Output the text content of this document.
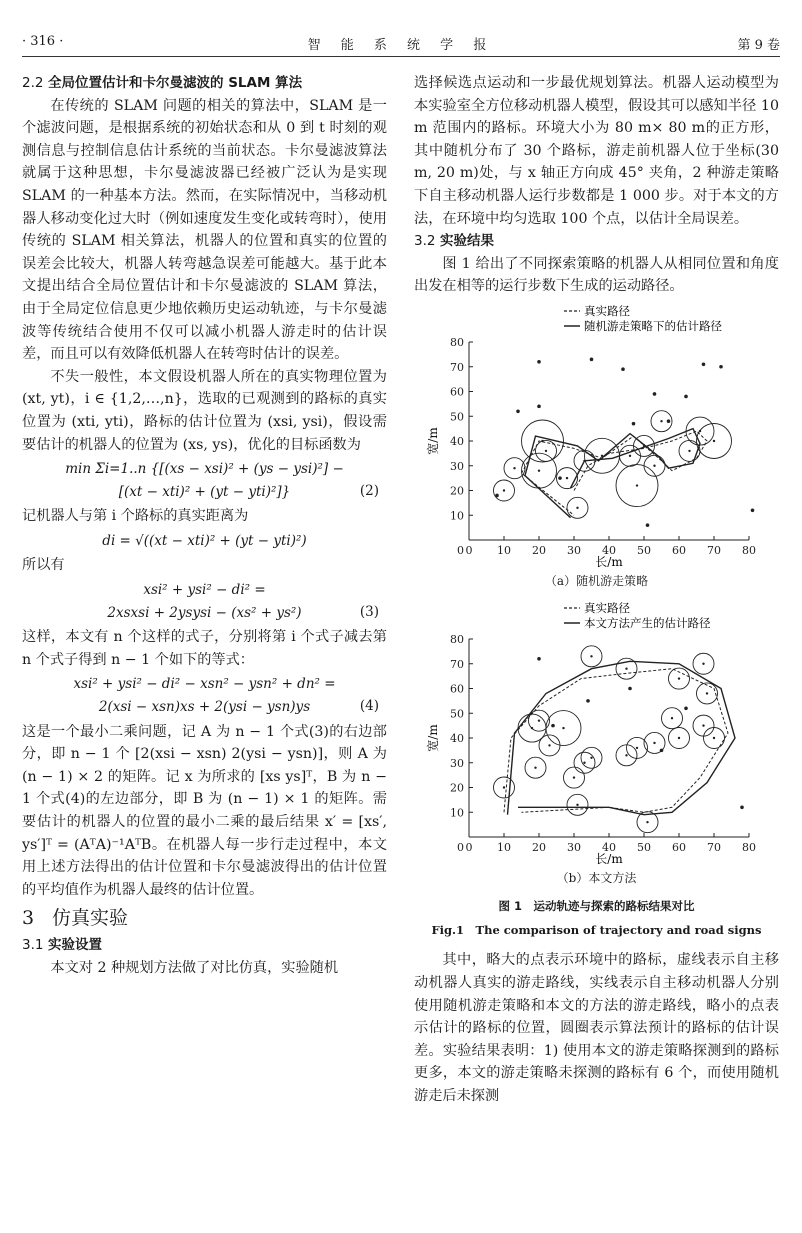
· 316 ·	智 能 系 统 学 报	第 9 卷

2.2 全局位置估计和卡尔曼滤波的 SLAM 算法

在传统的 SLAM 问题的相关的算法中，SLAM 是一个滤波问题，是根据系统的初始状态和从 0 到 t 时刻的观测信息与控制信息估计系统的当前状态。卡尔曼滤波算法就属于这种思想，卡尔曼滤波器已经被广泛认为是实现 SLAM 的一种基本方法。然而，在实际情况中，当移动机器人移动变化过大时（例如速度发生变化或转弯时），使用传统的 SLAM 相关算法，机器人的位置和真实的位置的误差会比较大，机器人转弯越急误差可能越大。基于此本文提出结合全局位置估计和卡尔曼滤波的 SLAM 算法，由于全局定位信息更少地依赖历史运动轨迹，与卡尔曼滤波等传统结合使用不仅可以减小机器人游走时的估计误差，而且可以有效降低机器人在转弯时估计的误差。

不失一般性，本文假设机器人所在的真实物理位置为 (xt, yt)，i ∈ {1,2,…,n}，选取的已观测到的路标的真实位置为 (xti, yti)，路标的估计位置为 (xsi, ysi)，假设需要估计的机器人的位置为 (xs, ys)，优化的目标函数为

min Σi=1..n {[(xs − xsi)² + (ys − ysi)²] −
[(xt − xti)² + (yt − yti)²]}	(2)

记机器人与第 i 个路标的真实距离为

di = √((xt − xti)² + (yt − yti)²)

所以有

xsi² + ysi² − di² =
2xsxsi + 2ysysi − (xs² + ys²)	(3)

这样，本文有 n 个这样的式子，分别将第 i 个式子减去第 n 个式子得到 n − 1 个如下的等式：

xsi² + ysi² − di² − xsn² − ysn² + dn² =
2(xsi − xsn)xs + 2(ysi − ysn)ys	(4)

这是一个最小二乘问题，记 A 为 n − 1 个式(3)的右边部分，即 n − 1 个 [2(xsi − xsn) 2(ysi − ysn)]，则 A 为 (n − 1) × 2 的矩阵。记 x 为所求的 [xs ys]ᵀ，B 为 n − 1 个式(4)的左边部分，即 B 为 (n − 1) × 1 的矩阵。需要估计的机器人的位置的最小二乘的最后结果 x′ = [xs′, ys′]ᵀ = (AᵀA)⁻¹AᵀB。在机器人每一步行走过程中，本文用上述方法得出的估计位置和卡尔曼滤波得出的估计位置的平均值作为机器人最终的估计位置。

3 仿真实验

3.1 实验设置

本文对 2 种规划方法做了对比仿真，实验随机

选择候选点运动和一步最优规划算法。机器人运动模型为本实验室全方位移动机器人模型，假设其可以感知半径 10 m 范围内的路标。环境大小为 80 m× 80 m的正方形，其中随机分布了 30 个路标，游走前机器人位于坐标(30 m, 20 m)处，与 x 轴正方向成 45° 夹角，2 种游走策略下自主移动机器人运行步数都是 1 000 步。对于本文的方法，在环境中均匀选取 100 个点，以估计全局误差。

3.2 实验结果

图 1 给出了不同探索策略的机器人从相同位置和角度出发在相等的运行步数下生成的运动路径。

真实路径
随机游走策略下的估计路径
0 10 20 30 40 50 60 70 80
10
20
30
40
50
60
70
80
0
长/m
宽/m
（a）随机游走策略
真实路径
本文方法产生的估计路径
0 10 20 30 40 50 60 70 80
10
20
30
40
50
60
70
80
0
长/m
宽/m
（b）本文方法
图 1　运动轨迹与探索的路标结果对比
Fig.1　The comparison of trajectory and road signs

其中，略大的点表示环境中的路标，虚线表示自主移动机器人真实的游走路线，实线表示自主移动机器人分别使用随机游走策略和本文的方法的游走路线，略小的点表示估计的路标的位置，圆圈表示算法预计的路标的估计误差。实验结果表明：1) 使用本文的游走策略探测到的路标更多，本文的游走策略未探测的路标有 6 个，而使用随机游走后未探测
